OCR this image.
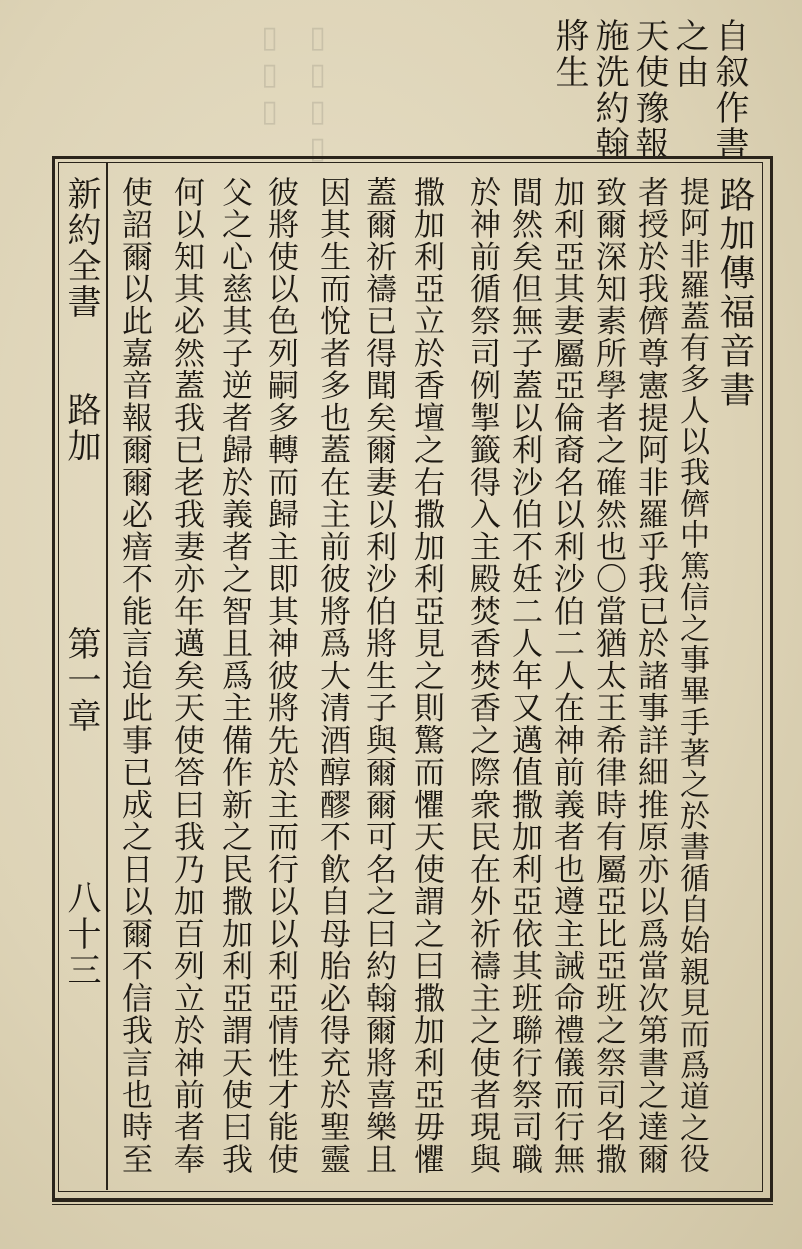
▯▯▯ ▯▯▯▯	自叙作書
之由
天使豫報
施洗約翰
將生
路加傳福音書
提阿非羅蓋有多人以我儕中篤信之事畢手著之於書循自始親見而爲道之役
者授於我儕尊憲提阿非羅乎我已於諸事詳細推原亦以爲當次第書之達爾
致爾深知素所學者之確然也〇當猶太王希律時有屬亞比亞班之祭司名撒
加利亞其妻屬亞倫裔名以利沙伯二人在神前義者也遵主誡命禮儀而行無
間然矣但無子蓋以利沙伯不妊二人年又邁值撒加利亞依其班聯行祭司職
於神前循祭司例掣籤得入主殿焚香焚香之際衆民在外祈禱主之使者現與
撒加利亞立於香壇之右撒加利亞見之則驚而懼天使謂之曰撒加利亞毋懼
蓋爾祈禱已得聞矣爾妻以利沙伯將生子與爾爾可名之曰約翰爾將喜樂且
因其生而悅者多也蓋在主前彼將爲大清酒醇醪不飮自母胎必得充於聖靈
彼將使以色列嗣多轉而歸主即其神彼將先於主而行以以利亞情性才能使
父之心慈其子逆者歸於義者之智且爲主備作新之民撒加利亞謂天使曰我
何以知其必然蓋我已老我妻亦年邁矣天使答曰我乃加百列立於神前者奉
使詔爾以此嘉音報爾爾必瘖不能言迨此事已成之日以爾不信我言也時至
新約全書
路加
第一章
八十三
